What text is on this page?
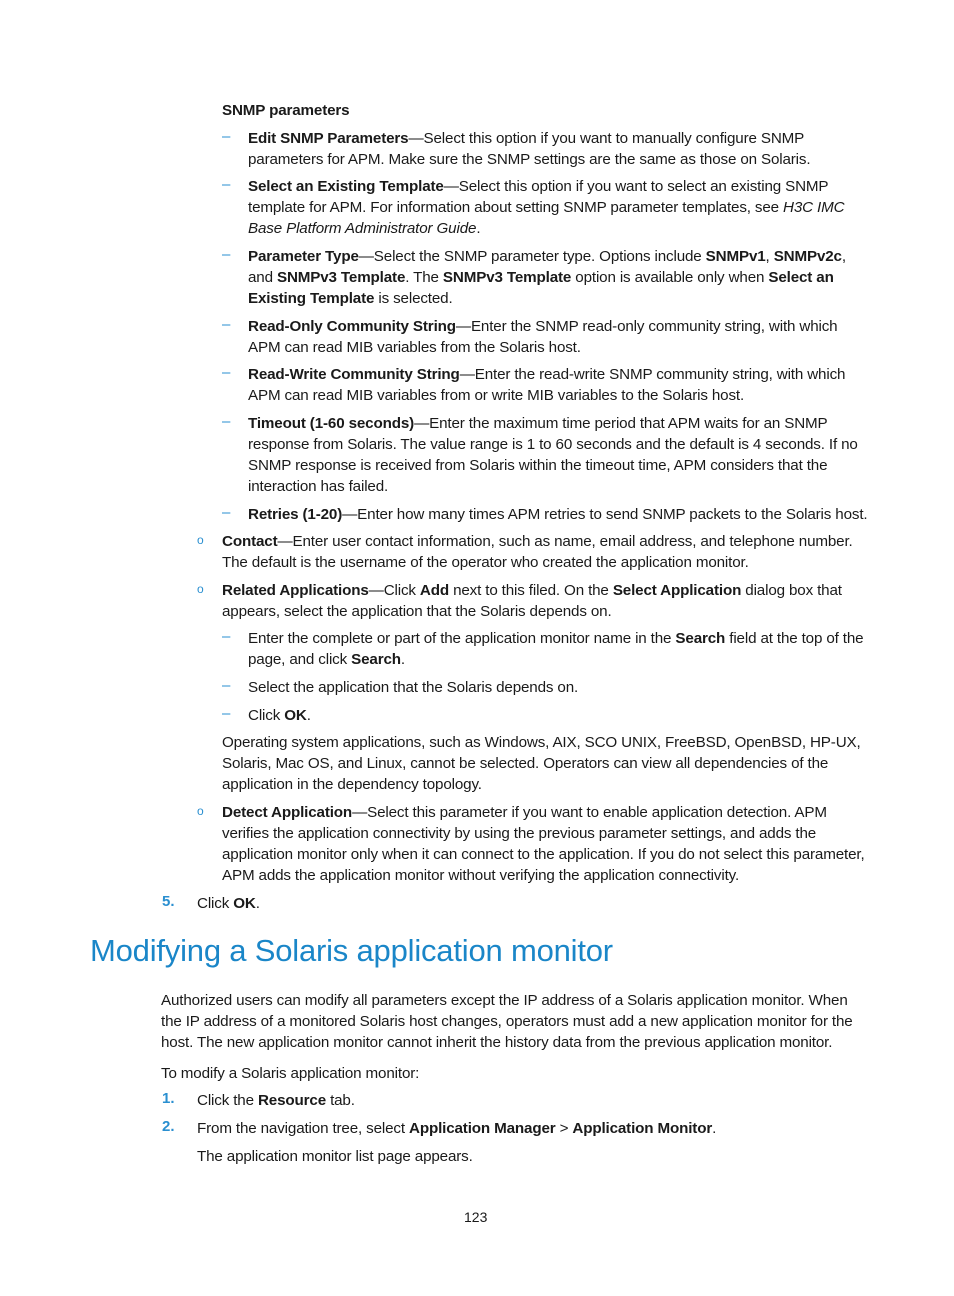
SNMP parameters

– Edit SNMP Parameters—Select this option if you want to manually configure SNMP parameters for APM. Make sure the SNMP settings are the same as those on Solaris.

– Select an Existing Template—Select this option if you want to select an existing SNMP template for APM. For information about setting SNMP parameter templates, see H3C IMC Base Platform Administrator Guide.

– Parameter Type—Select the SNMP parameter type. Options include SNMPv1, SNMPv2c, and SNMPv3 Template. The SNMPv3 Template option is available only when Select an Existing Template is selected.

– Read-Only Community String—Enter the SNMP read-only community string, with which APM can read MIB variables from the Solaris host.

– Read-Write Community String—Enter the read-write SNMP community string, with which APM can read MIB variables from or write MIB variables to the Solaris host.

– Timeout (1-60 seconds)—Enter the maximum time period that APM waits for an SNMP response from Solaris. The value range is 1 to 60 seconds and the default is 4 seconds. If no SNMP response is received from Solaris within the timeout time, APM considers that the interaction has failed.

– Retries (1-20)—Enter how many times APM retries to send SNMP packets to the Solaris host.

o Contact—Enter user contact information, such as name, email address, and telephone number. The default is the username of the operator who created the application monitor.

o Related Applications—Click Add next to this filed. On the Select Application dialog box that appears, select the application that the Solaris depends on.

– Enter the complete or part of the application monitor name in the Search field at the top of the page, and click Search.

– Select the application that the Solaris depends on.

– Click OK.

Operating system applications, such as Windows, AIX, SCO UNIX, FreeBSD, OpenBSD, HP-UX, Solaris, Mac OS, and Linux, cannot be selected. Operators can view all dependencies of the application in the dependency topology.

o Detect Application—Select this parameter if you want to enable application detection. APM verifies the application connectivity by using the previous parameter settings, and adds the application monitor only when it can connect to the application. If you do not select this parameter, APM adds the application monitor without verifying the application connectivity.

5. Click OK.

Modifying a Solaris application monitor

Authorized users can modify all parameters except the IP address of a Solaris application monitor. When the IP address of a monitored Solaris host changes, operators must add a new application monitor for the host. The new application monitor cannot inherit the history data from the previous application monitor.

To modify a Solaris application monitor:

1. Click the Resource tab.

2. From the navigation tree, select Application Manager > Application Monitor.

The application monitor list page appears.

123
